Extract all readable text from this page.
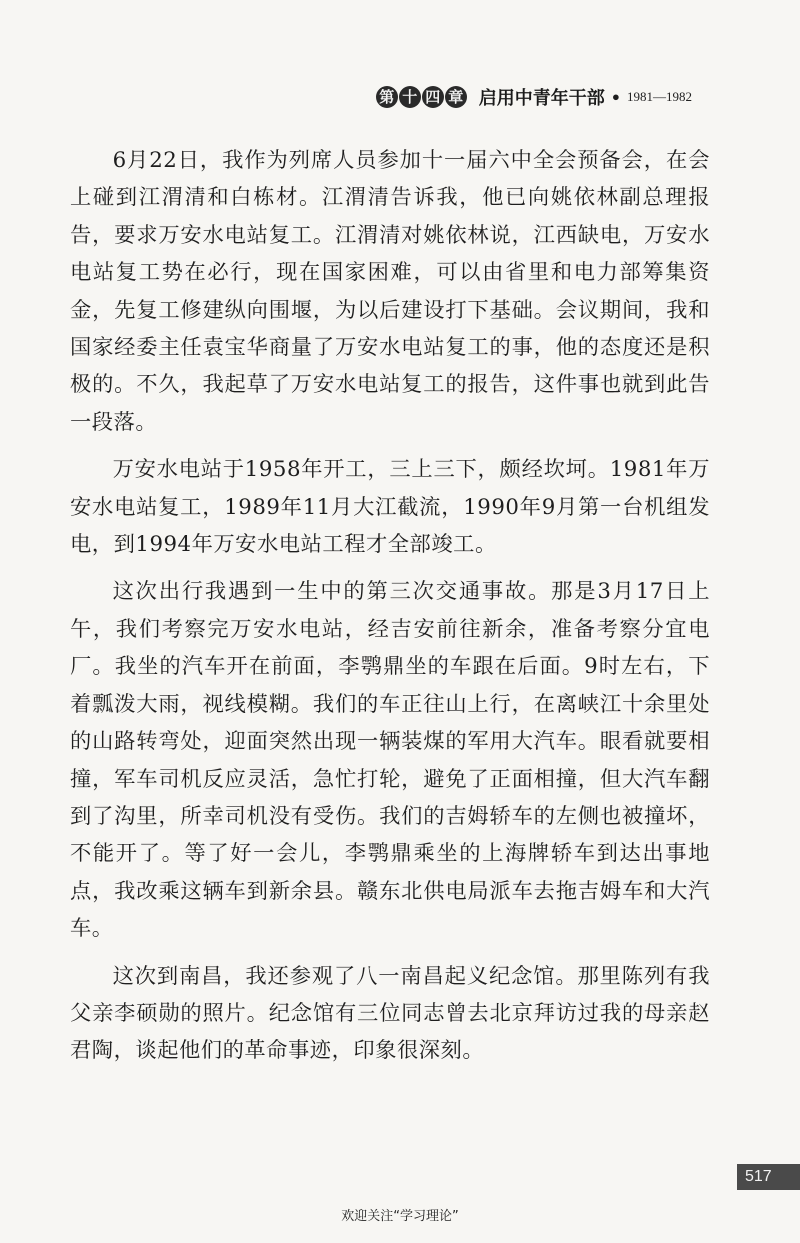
第 十 四 章 启用中青年干部 • 1981—1982

6月22日，我作为列席人员参加十一届六中全会预备会，在会上碰到江渭清和白栋材。江渭清告诉我，他已向姚依林副总理报告，要求万安水电站复工。江渭清对姚依林说，江西缺电，万安水电站复工势在必行，现在国家困难，可以由省里和电力部筹集资金，先复工修建纵向围堰，为以后建设打下基础。会议期间，我和国家经委主任袁宝华商量了万安水电站复工的事，他的态度还是积极的。不久，我起草了万安水电站复工的报告，这件事也就到此告一段落。

万安水电站于1958年开工，三上三下，颇经坎坷。1981年万安水电站复工，1989年11月大江截流，1990年9月第一台机组发电，到1994年万安水电站工程才全部竣工。

这次出行我遇到一生中的第三次交通事故。那是3月17日上午，我们考察完万安水电站，经吉安前往新余，准备考察分宜电厂。我坐的汽车开在前面，李鹗鼎坐的车跟在后面。9时左右，下着瓢泼大雨，视线模糊。我们的车正往山上行，在离峡江十余里处的山路转弯处，迎面突然出现一辆装煤的军用大汽车。眼看就要相撞，军车司机反应灵活，急忙打轮，避免了正面相撞，但大汽车翻到了沟里，所幸司机没有受伤。我们的吉姆轿车的左侧也被撞坏，不能开了。等了好一会儿，李鹗鼎乘坐的上海牌轿车到达出事地点，我改乘这辆车到新余县。赣东北供电局派车去拖吉姆车和大汽车。

这次到南昌，我还参观了八一南昌起义纪念馆。那里陈列有我父亲李硕勋的照片。纪念馆有三位同志曾去北京拜访过我的母亲赵君陶，谈起他们的革命事迹，印象很深刻。

517
欢迎关注“学习理论”
